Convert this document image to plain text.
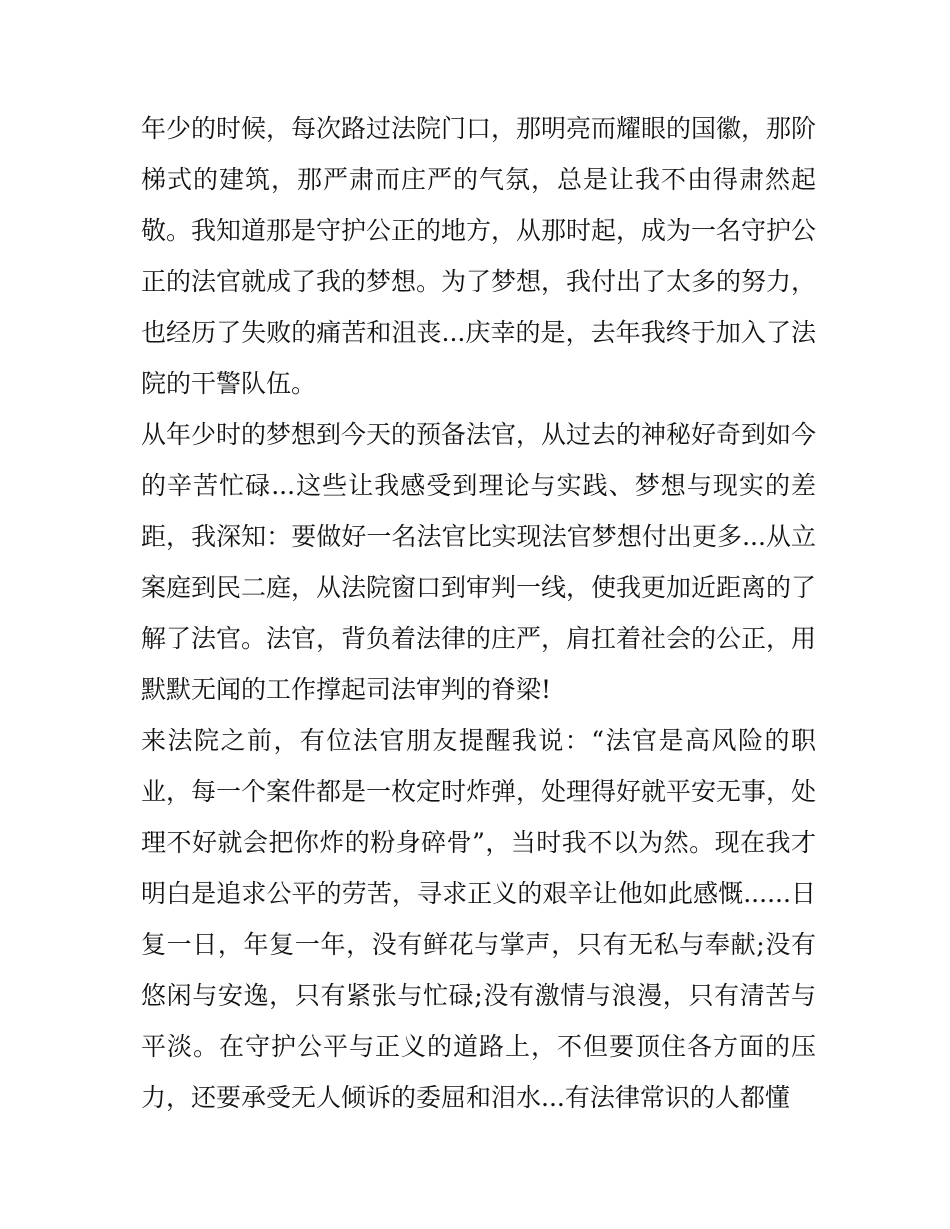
年少的时候，每次路过法院门口，那明亮而耀眼的国徽，那阶梯式的建筑，那严肃而庄严的气氛，总是让我不由得肃然起敬。我知道那是守护公正的地方，从那时起，成为一名守护公正的法官就成了我的梦想。为了梦想，我付出了太多的努力，也经历了失败的痛苦和沮丧...庆幸的是，去年我终于加入了法院的干警队伍。

从年少时的梦想到今天的预备法官，从过去的神秘好奇到如今的辛苦忙碌...这些让我感受到理论与实践、梦想与现实的差距，我深知：要做好一名法官比实现法官梦想付出更多...从立案庭到民二庭，从法院窗口到审判一线，使我更加近距离的了解了法官。法官，背负着法律的庄严，肩扛着社会的公正，用默默无闻的工作撑起司法审判的脊梁!

来法院之前，有位法官朋友提醒我说：“法官是高风险的职业，每一个案件都是一枚定时炸弹，处理得好就平安无事，处理不好就会把你炸的粉身碎骨”，当时我不以为然。现在我才明白是追求公平的劳苦，寻求正义的艰辛让他如此感慨......日复一日，年复一年，没有鲜花与掌声，只有无私与奉献;没有悠闲与安逸，只有紧张与忙碌;没有激情与浪漫，只有清苦与平淡。在守护公平与正义的道路上，不但要顶住各方面的压力，还要承受无人倾诉的委屈和泪水...有法律常识的人都懂
